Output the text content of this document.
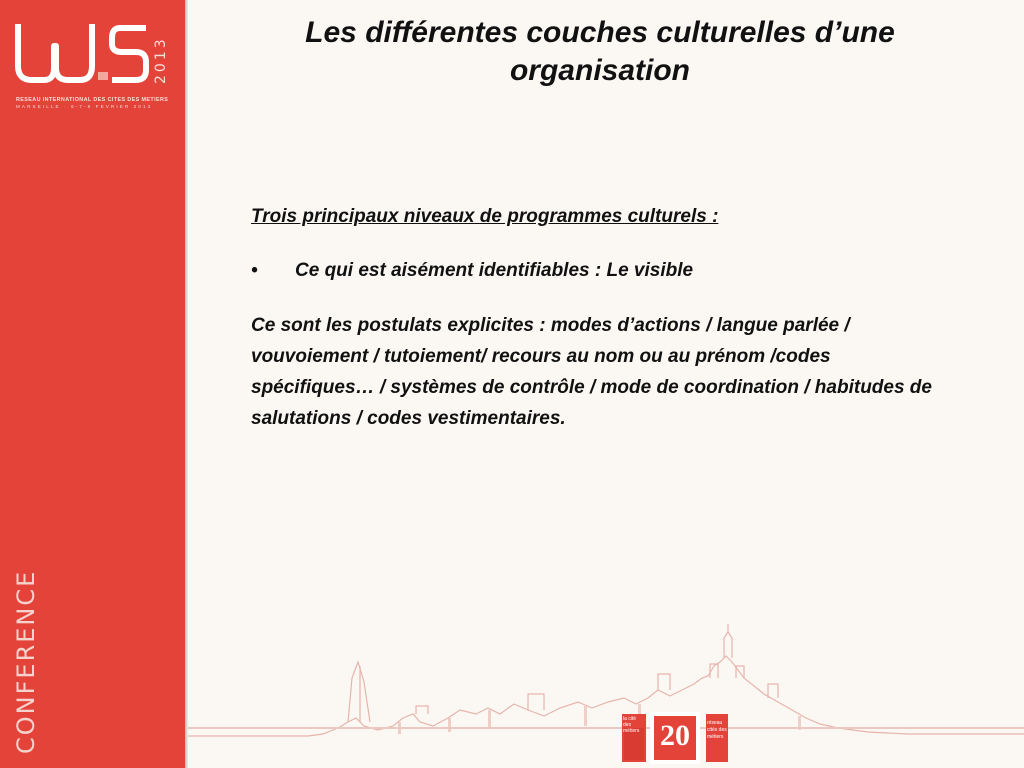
2013
RESEAU INTERNATIONAL DES CITES DES METIERS
MARSEILLE · 6-7-8 FEVRIER 2013
CONFERENCE
Les différentes couches culturelles d’une organisation

Trois principaux niveaux de programmes culturels :

•	Ce qui est aisément identifiables : Le visible
Ce sont les postulats explicites : modes d’actions / langue parlée / vouvoiement / tutoiement/ recours au nom ou au prénom /codes spécifiques… / systèmes de contrôle / mode de coordination / habitudes de salutations / codes vestimentaires.
la cité des métiers 20	réseau cités des métiers
